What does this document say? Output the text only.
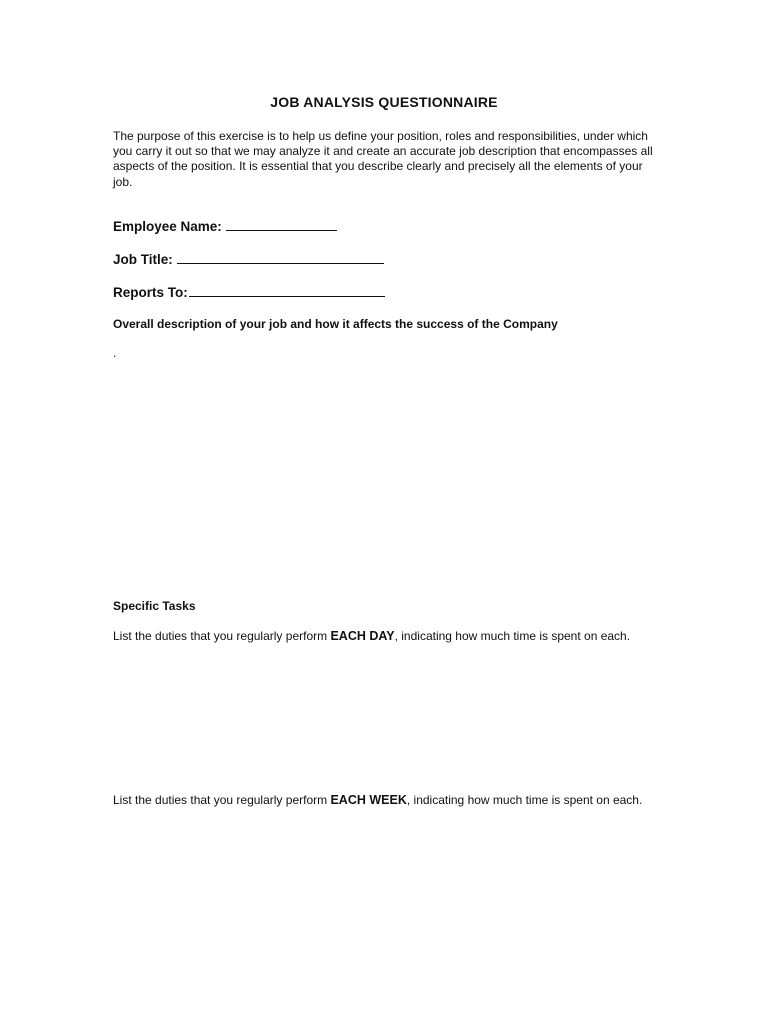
JOB ANALYSIS QUESTIONNAIRE
The purpose of this exercise is to help us define your position, roles and responsibilities, under which you carry it out so that we may analyze it and create an accurate job description that encompasses all aspects of the position. It is essential that you describe clearly and precisely all the elements of your job.
Employee Name:
Job Title:
Reports To:
Overall description of your job and how it affects the success of the Company
.
Specific Tasks
List the duties that you regularly perform EACH DAY, indicating how much time is spent on each.
List the duties that you regularly perform EACH WEEK, indicating how much time is spent on each.
